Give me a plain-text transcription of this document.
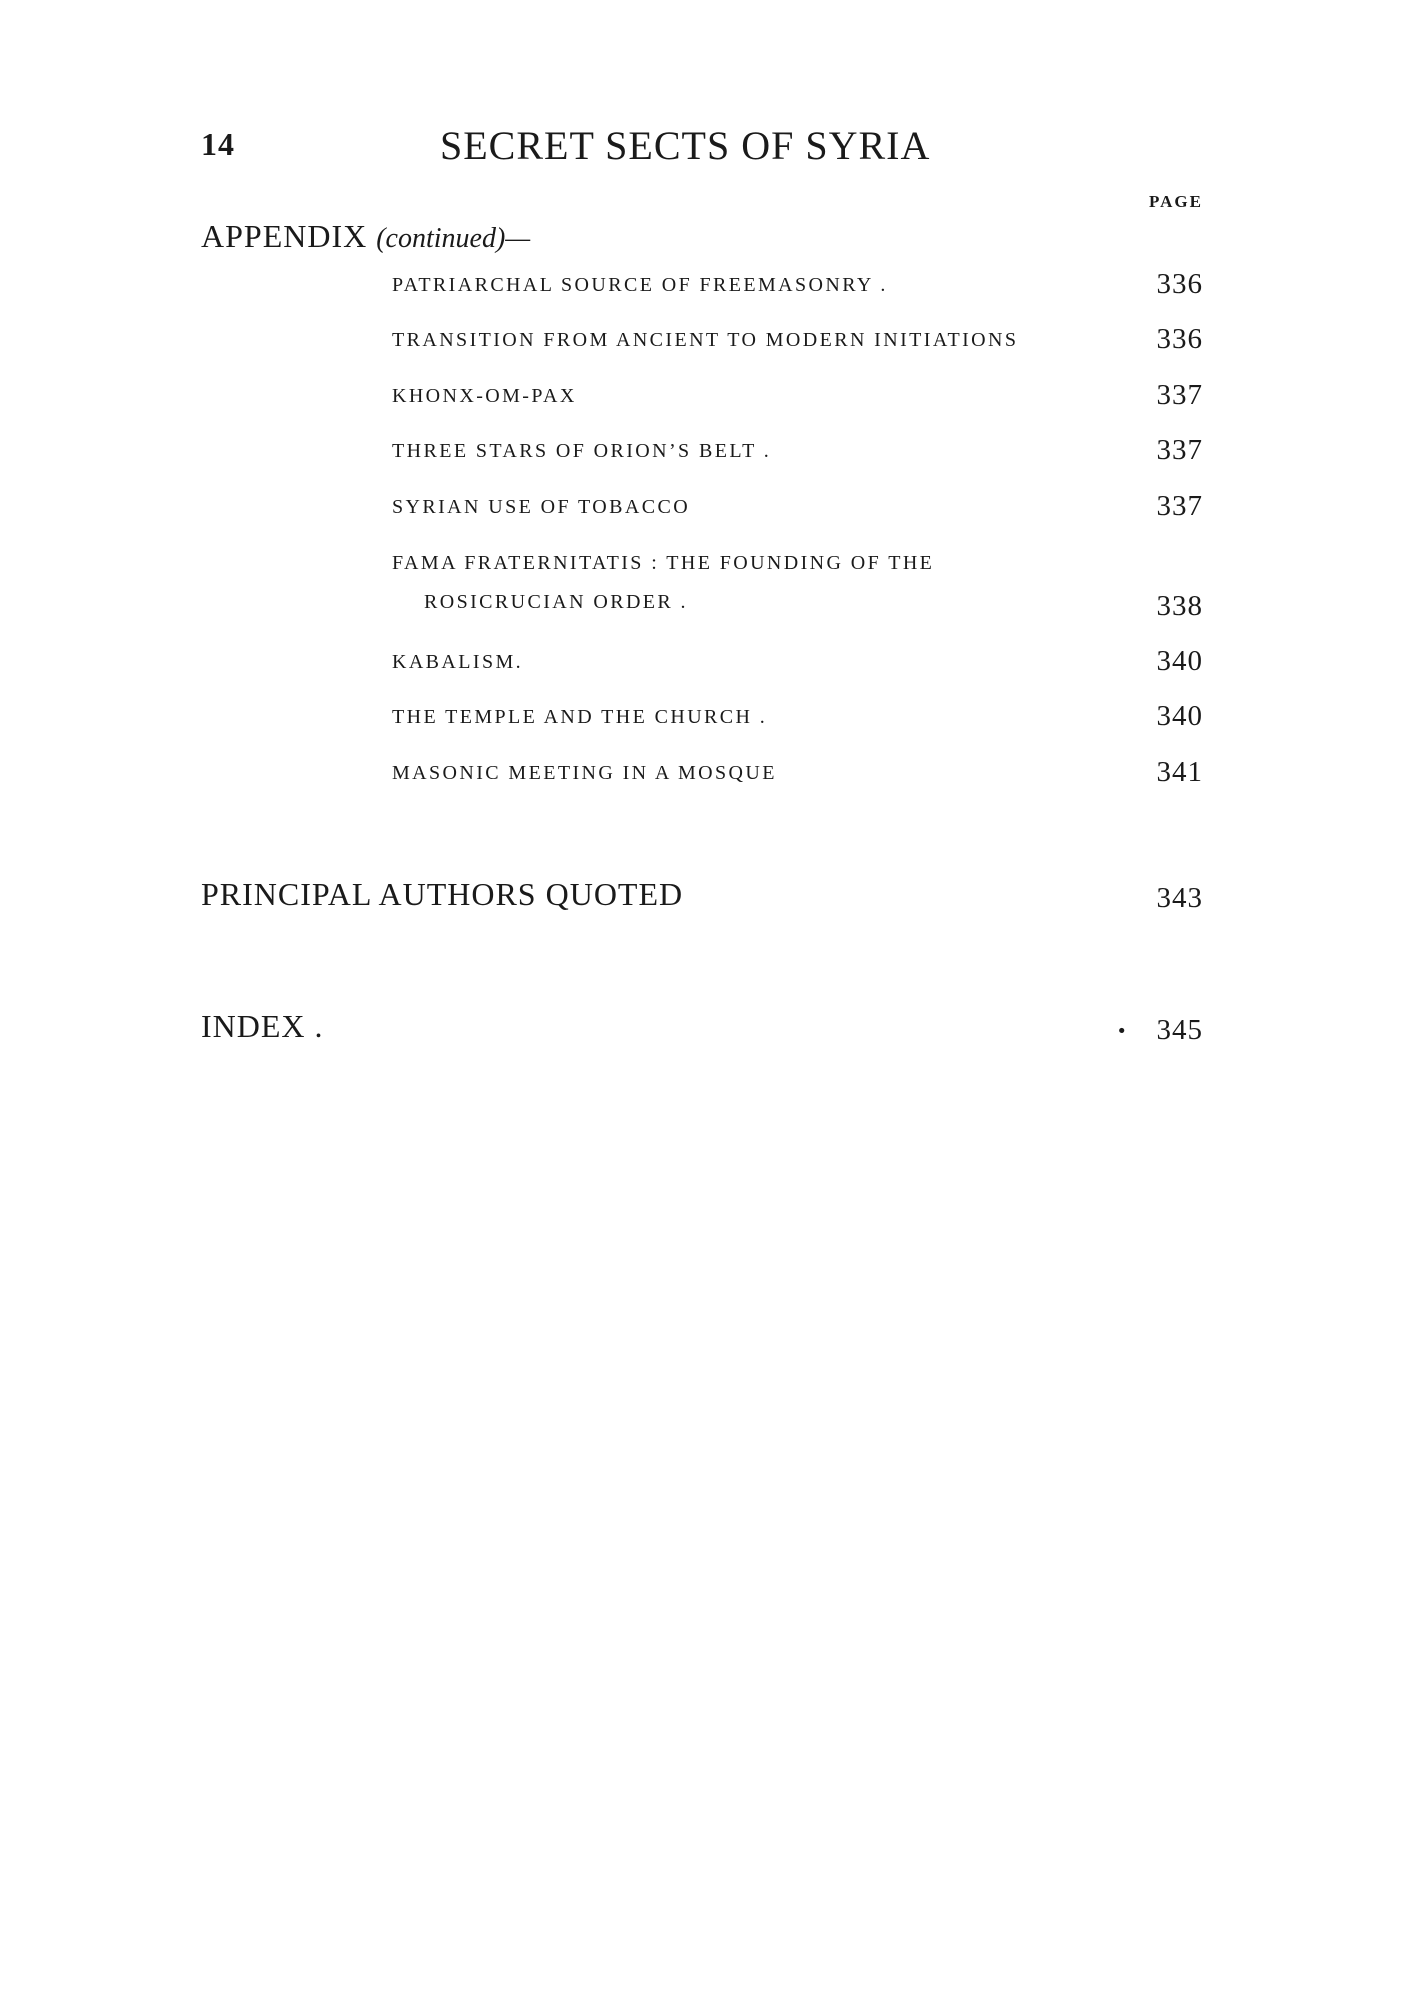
14	SECRET SECTS OF SYRIA
PAGE
APPENDIX (continued)—
PATRIARCHAL SOURCE OF FREEMASONRY .	336
TRANSITION FROM ANCIENT TO MODERN INITIATIONS	336
KHONX-OM-PAX	337
THREE STARS OF ORION’S BELT .	337
SYRIAN USE OF TOBACCO	337
FAMA FRATERNITATIS : THE FOUNDING OF THE
ROSICRUCIAN ORDER .	338
KABALISM.	340
THE TEMPLE AND THE CHURCH .	340
MASONIC MEETING IN A MOSQUE	341
PRINCIPAL AUTHORS QUOTED	343
INDEX .	· 345
